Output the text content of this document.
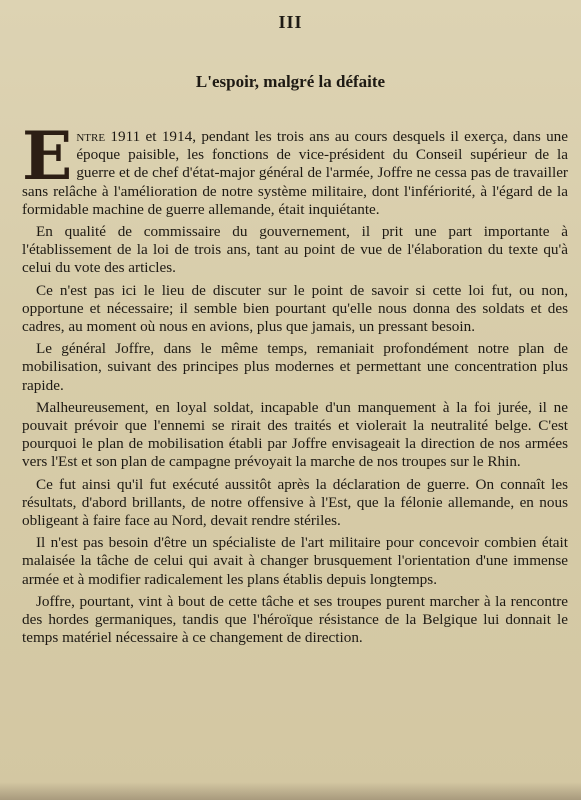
III
L'espoir, malgré la défaite

Entre 1911 et 1914, pendant les trois ans au cours desquels il exerça, dans une époque paisible, les fonctions de vice-président du Conseil supérieur de la guerre et de chef d'état-major général de l'armée, Joffre ne cessa pas de travailler sans relâche à l'amélioration de notre système militaire, dont l'infériorité, à l'égard de la formidable machine de guerre allemande, était inquiétante.

En qualité de commissaire du gouvernement, il prit une part importante à l'établissement de la loi de trois ans, tant au point de vue de l'élaboration du texte qu'à celui du vote des articles.

Ce n'est pas ici le lieu de discuter sur le point de savoir si cette loi fut, ou non, opportune et nécessaire; il semble bien pourtant qu'elle nous donna des soldats et des cadres, au moment où nous en avions, plus que jamais, un pressant besoin.

Le général Joffre, dans le même temps, remaniait profondément notre plan de mobilisation, suivant des principes plus modernes et permettant une concentration plus rapide.

Malheureusement, en loyal soldat, incapable d'un manquement à la foi jurée, il ne pouvait prévoir que l'ennemi se rirait des traités et violerait la neutralité belge. C'est pourquoi le plan de mobilisation établi par Joffre envisageait la direction de nos armées vers l'Est et son plan de campagne prévoyait la marche de nos troupes sur le Rhin.

Ce fut ainsi qu'il fut exécuté aussitôt après la déclaration de guerre. On connaît les résultats, d'abord brillants, de notre offensive à l'Est, que la félonie allemande, en nous obligeant à faire face au Nord, devait rendre stériles.

Il n'est pas besoin d'être un spécialiste de l'art militaire pour concevoir combien était malaisée la tâche de celui qui avait à changer brusquement l'orientation d'une immense armée et à modifier radicalement les plans établis depuis longtemps.

Joffre, pourtant, vint à bout de cette tâche et ses troupes purent marcher à la rencontre des hordes germaniques, tandis que l'héroïque résistance de la Belgique lui donnait le temps matériel nécessaire à ce changement de direction.
